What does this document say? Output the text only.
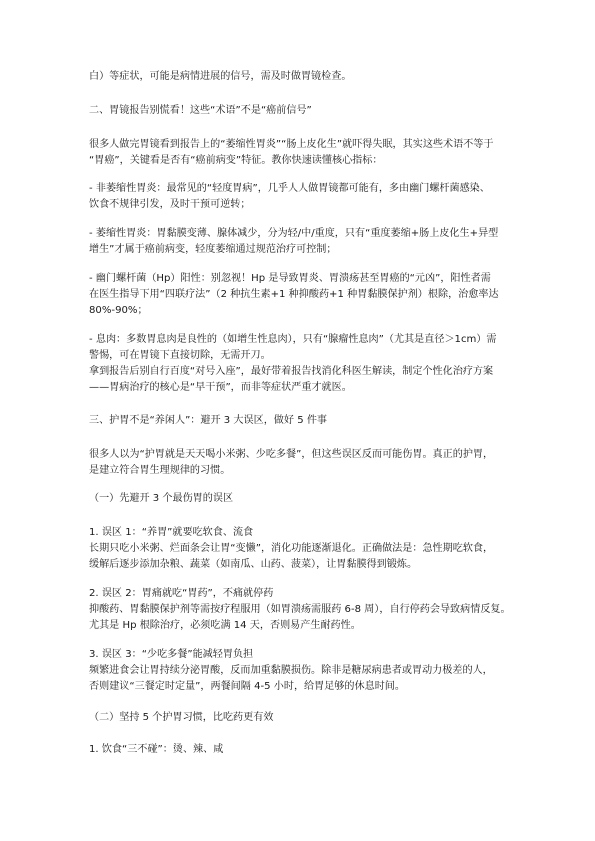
白）等症状，可能是病情进展的信号，需及时做胃镜检查。
二、胃镜报告别慌看！这些“术语”不是“癌前信号”
很多人做完胃镜看到报告上的“萎缩性胃炎”“肠上皮化生”就吓得失眠，其实这些术语不等于
“胃癌”，关键看是否有“癌前病变”特征。教你快速读懂核心指标：
- 非萎缩性胃炎：最常见的“轻度胃病”，几乎人人做胃镜都可能有，多由幽门螺杆菌感染、
饮食不规律引发，及时干预可逆转；
- 萎缩性胃炎：胃黏膜变薄、腺体减少，分为轻/中/重度，只有“重度萎缩+肠上皮化生+异型
增生”才属于癌前病变，轻度萎缩通过规范治疗可控制；
- 幽门螺杆菌（Hp）阳性：别忽视！Hp 是导致胃炎、胃溃疡甚至胃癌的“元凶”，阳性者需
在医生指导下用“四联疗法”（2 种抗生素+1 种抑酸药+1 种胃黏膜保护剂）根除，治愈率达
80%-90%；
- 息肉：多数胃息肉是良性的（如增生性息肉），只有“腺瘤性息肉”（尤其是直径＞1cm）需
警惕，可在胃镜下直接切除，无需开刀。
拿到报告后别自行百度“对号入座”，最好带着报告找消化科医生解读，制定个性化治疗方案
——胃病治疗的核心是“早干预”，而非等症状严重才就医。
三、护胃不是“养闲人”：避开 3 大误区，做好 5 件事
很多人以为“护胃就是天天喝小米粥、少吃多餐”，但这些误区反而可能伤胃。真正的护胃，
是建立符合胃生理规律的习惯。
（一）先避开 3 个最伤胃的误区
1. 误区 1：“养胃”就要吃软食、流食
长期只吃小米粥、烂面条会让胃“变懒”，消化功能逐渐退化。正确做法是：急性期吃软食，
缓解后逐步添加杂粮、蔬菜（如南瓜、山药、菠菜），让胃黏膜得到锻炼。
2. 误区 2：胃痛就吃“胃药”，不痛就停药
抑酸药、胃黏膜保护剂等需按疗程服用（如胃溃疡需服药 6-8 周），自行停药会导致病情反复。
尤其是 Hp 根除治疗，必须吃满 14 天，否则易产生耐药性。
3. 误区 3：“少吃多餐”能减轻胃负担
频繁进食会让胃持续分泌胃酸，反而加重黏膜损伤。除非是糖尿病患者或胃动力极差的人，
否则建议“三餐定时定量”，两餐间隔 4-5 小时，给胃足够的休息时间。
（二）坚持 5 个护胃习惯，比吃药更有效
1. 饮食“三不碰”：烫、辣、咸
